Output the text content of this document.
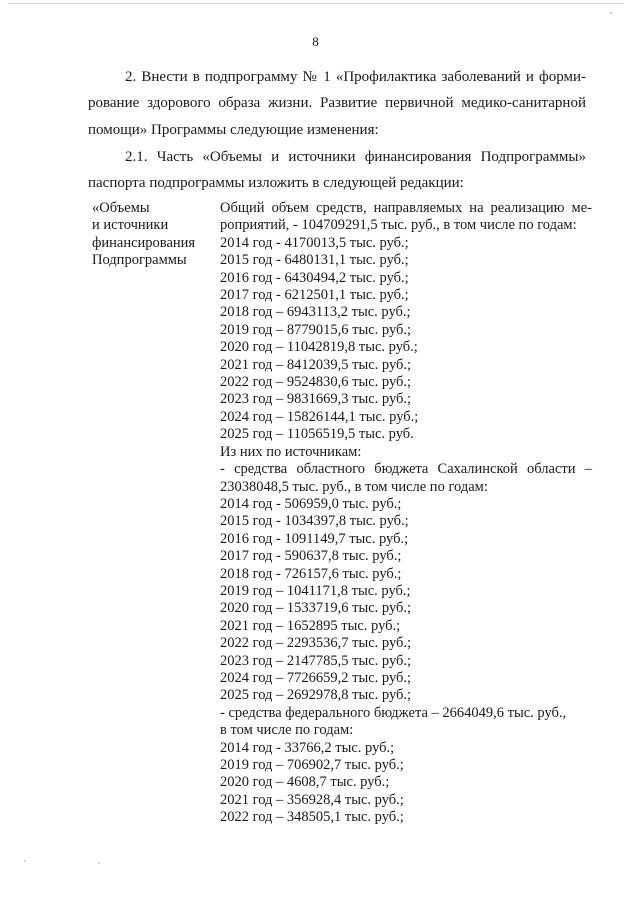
8
2. Внести в подпрограмму № 1 «Профилактика заболеваний и форми-
рование здорового образа жизни. Развитие первичной медико-санитарной
помощи» Программы следующие изменения:
2.1. Часть «Объемы и источники финансирования Подпрограммы»
паспорта подпрограммы изложить в следующей редакции:
«Объемы
и источники
финансирования
Подпрограммы
Общий объем средств, направляемых на реализацию ме-
роприятий, - 104709291,5 тыс. руб., в том числе по годам:
2014 год - 4170013,5 тыс. руб.;
2015 год - 6480131,1 тыс. руб.;
2016 год - 6430494,2 тыс. руб.;
2017 год - 6212501,1 тыс. руб.;
2018 год – 6943113,2 тыс. руб.;
2019 год – 8779015,6 тыс. руб.;
2020 год – 11042819,8 тыс. руб.;
2021 год – 8412039,5 тыс. руб.;
2022 год – 9524830,6 тыс. руб.;
2023 год – 9831669,3 тыс. руб.;
2024 год – 15826144,1 тыс. руб.;
2025 год – 11056519,5 тыс. руб.
Из них по источникам:
- средства областного бюджета Сахалинской области –
23038048,5 тыс. руб., в том числе по годам:
2014 год - 506959,0 тыс. руб.;
2015 год - 1034397,8 тыс. руб.;
2016 год - 1091149,7 тыс. руб.;
2017 год - 590637,8 тыс. руб.;
2018 год - 726157,6 тыс. руб.;
2019 год – 1041171,8 тыс. руб.;
2020 год – 1533719,6 тыс. руб.;
2021 год – 1652895 тыс. руб.;
2022 год – 2293536,7 тыс. руб.;
2023 год – 2147785,5 тыс. руб.;
2024 год – 7726659,2 тыс. руб.;
2025 год – 2692978,8 тыс. руб.;
- средства федерального бюджета – 2664049,6 тыс. руб.,
в том числе по годам:
2014 год - 33766,2 тыс. руб.;
2019 год – 706902,7 тыс. руб.;
2020 год – 4608,7 тыс. руб.;
2021 год – 356928,4 тыс. руб.;
2022 год – 348505,1 тыс. руб.;
